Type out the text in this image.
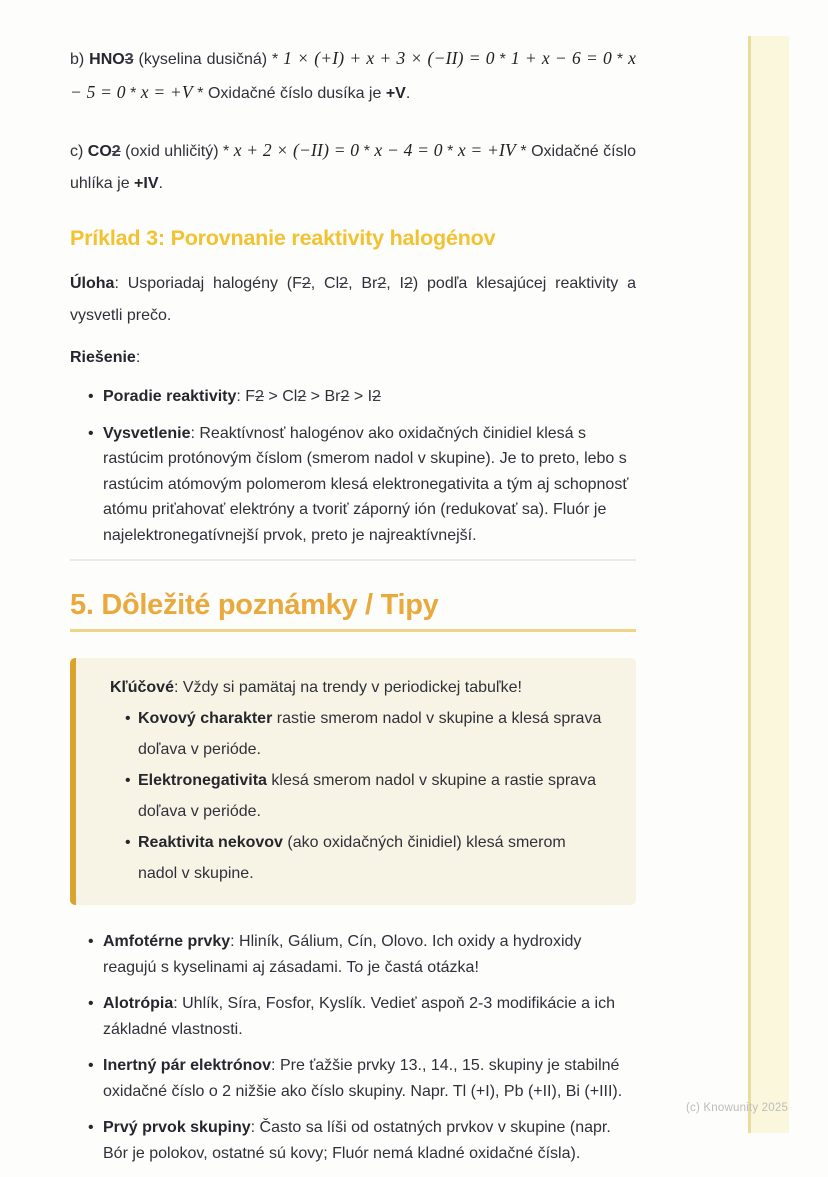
b) HNO3 (kyselina dusičná) * 1 × (+I) + x + 3 × (−II) = 0 * 1 + x − 6 = 0 * x − 5 = 0 * x = +V * Oxidačné číslo dusíka je +V.

c) CO2 (oxid uhličitý) * x + 2 × (−II) = 0 * x − 4 = 0 * x = +IV * Oxidačné číslo uhlíka je +IV.

Príklad 3: Porovnanie reaktivity halogénov

Úloha: Usporiadaj halogény (F2, Cl2, Br2, I2) podľa klesajúcej reaktivity a vysvetli prečo.

Riešenie:

• Poradie reaktivity: F2 > Cl2 > Br2 > I2
• Vysvetlenie: Reaktívnosť halogénov ako oxidačných činidiel klesá s rastúcim protónovým číslom (smerom nadol v skupine). Je to preto, lebo s rastúcim atómovým polomerom klesá elektronegativita a tým aj schopnosť atómu priťahovať elektróny a tvoriť záporný ión (redukovať sa). Fluór je najelektronegatívnejší prvok, preto je najreaktívnejší.
5. Dôležité poznámky / Tipy

Kľúčové: Vždy si pamätaj na trendy v periodickej tabuľke!

• Kovový charakter rastie smerom nadol v skupine a klesá sprava doľava v perióde.
• Elektronegativita klesá smerom nadol v skupine a rastie sprava doľava v perióde.
• Reaktivita nekovov (ako oxidačných činidiel) klesá smerom nadol v skupine.
• Amfotérne prvky: Hliník, Gálium, Cín, Olovo. Ich oxidy a hydroxidy reagujú s kyselinami aj zásadami. To je častá otázka!
• Alotrópia: Uhlík, Síra, Fosfor, Kyslík. Vedieť aspoň 2-3 modifikácie a ich základné vlastnosti.
• Inertný pár elektrónov: Pre ťažšie prvky 13., 14., 15. skupiny je stabilné oxidačné číslo o 2 nižšie ako číslo skupiny. Napr. Tl (+I), Pb (+II), Bi (+III).
• Prvý prvok skupiny: Často sa líši od ostatných prvkov v skupine (napr. Bór je polokov, ostatné sú kovy; Fluór nemá kladné oxidačné čísla).
(c) Knowunity 2025
